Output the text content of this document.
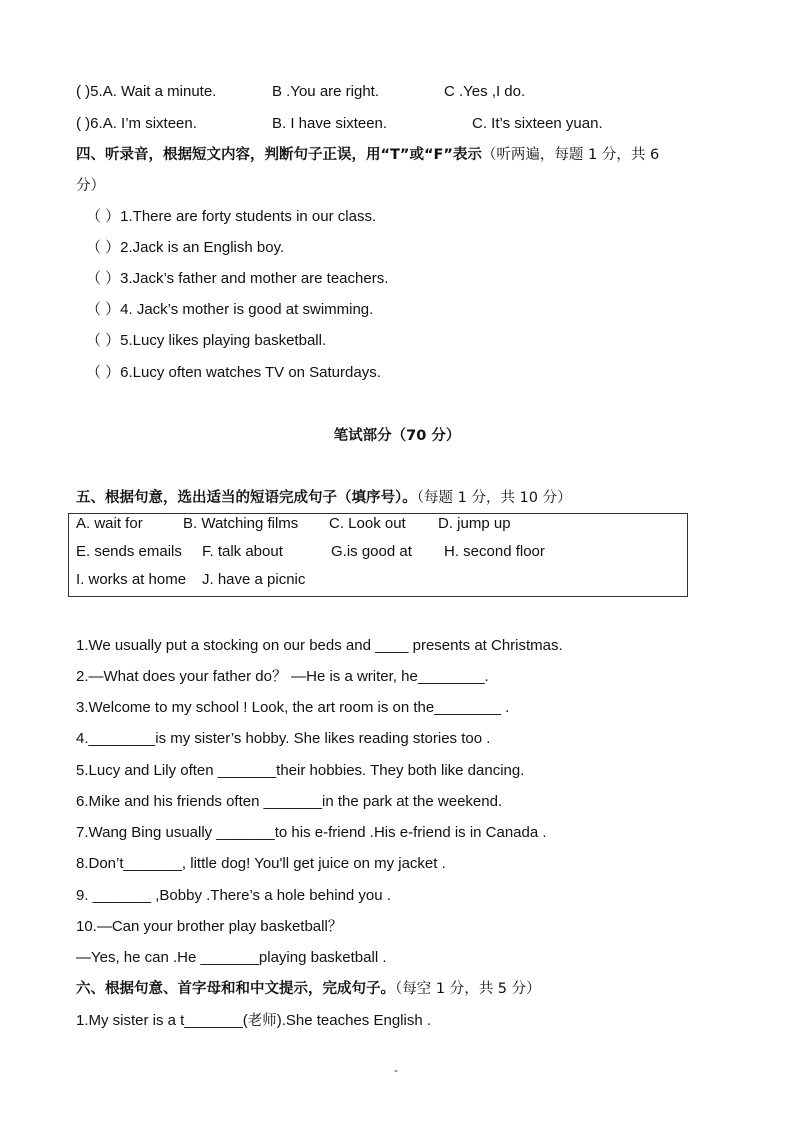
( )5.A. Wait a minute.	B .You are right.	C .Yes ,I do.
( )6.A. I’m sixteen.	B. I have sixteen.	C. It’s sixteen yuan.
四、听录音，根据短文内容，判断句子正误，用“T”或“F”表示（听两遍，每题 1 分，共 6
分）
（ ）1.There are forty students in our class.
（ ）2.Jack is an English boy.
（ ）3.Jack’s father and mother are teachers.
（ ）4. Jack’s mother is good at swimming.
（ ）5.Lucy likes playing basketball.
（ ）6.Lucy often watches TV on Saturdays.
笔试部分（70 分）
五、根据句意，选出适当的短语完成句子（填序号）。（每题 1 分，共 10 分）
A. wait for	B. Watching films C. Look out D. jump up
E. sends emails F. talk about	G.is good at H. second floor
I. works at home J. have a picnic
1.We usually put a stocking on our beds and ____ presents at Christmas.
2.—What does your father do？ —He is a writer, he________.
3.Welcome to my school ! Look, the art room is on the________ .
4.________is my sister’s hobby. She likes reading stories too .
5.Lucy and Lily often _______their hobbies. They both like dancing.
6.Mike and his friends often _______in the park at the weekend.
7.Wang Bing usually _______to his e-friend .His e-friend is in Canada .
8.Don’t_______, little dog! You'll get juice on my jacket .
9. _______ ,Bobby .There’s a hole behind you .
10.—Can your brother play basketball？
—Yes, he can .He _______playing basketball .
六、根据句意、首字母和和中文提示，完成句子。（每空 1 分，共 5 分）
1.My sister is a t_______(老师).She teaches English .
-
